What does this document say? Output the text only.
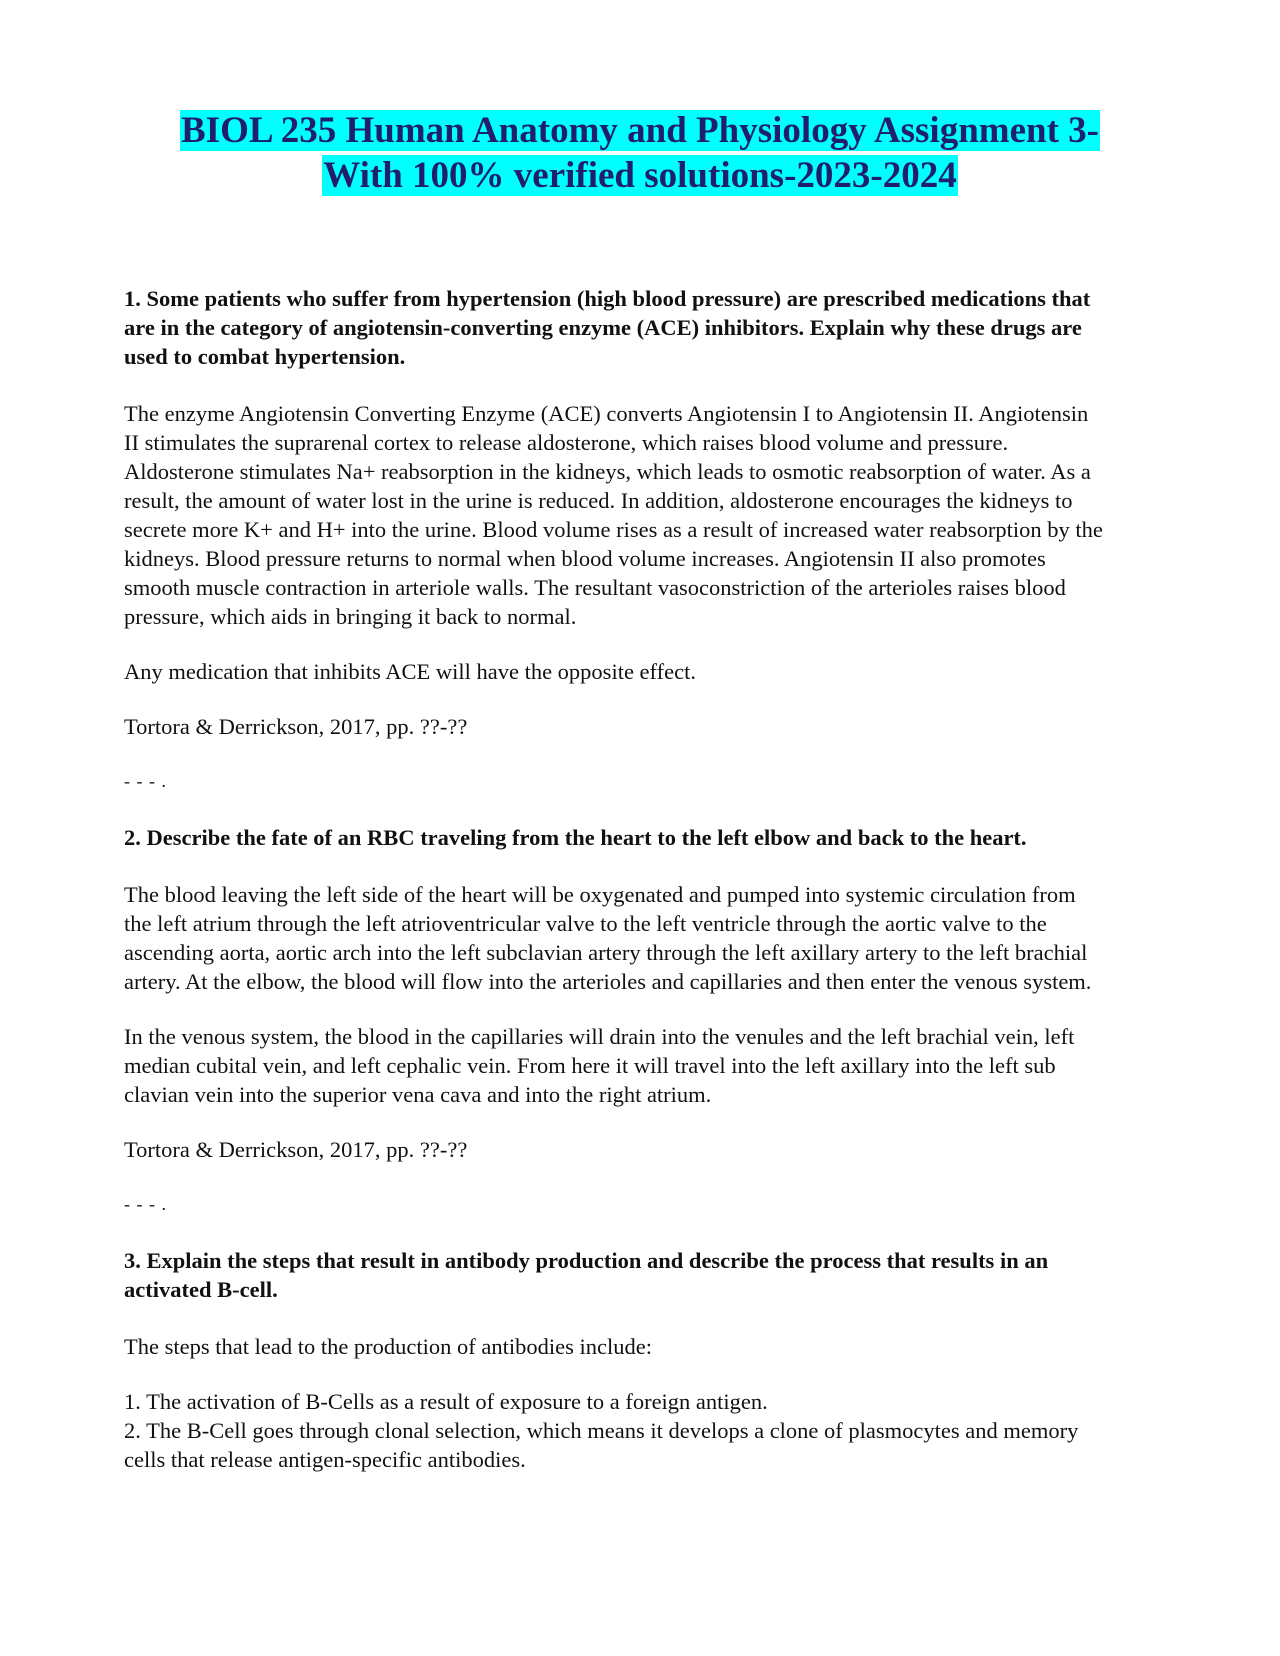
BIOL 235 Human Anatomy and Physiology Assignment 3-
With 100% verified solutions-2023-2024

1. Some patients who suffer from hypertension (high blood pressure) are prescribed medications that are in the category of angiotensin-converting enzyme (ACE) inhibitors. Explain why these drugs are used to combat hypertension.

The enzyme Angiotensin Converting Enzyme (ACE) converts Angiotensin I to Angiotensin II. Angiotensin II stimulates the suprarenal cortex to release aldosterone, which raises blood volume and pressure. Aldosterone stimulates Na+ reabsorption in the kidneys, which leads to osmotic reabsorption of water. As a result, the amount of water lost in the urine is reduced. In addition, aldosterone encourages the kidneys to secrete more K+ and H+ into the urine. Blood volume rises as a result of increased water reabsorption by the kidneys. Blood pressure returns to normal when blood volume increases. Angiotensin II also promotes smooth muscle contraction in arteriole walls. The resultant vasoconstriction of the arterioles raises blood pressure, which aids in bringing it back to normal.

Any medication that inhibits ACE will have the opposite effect.

Tortora & Derrickson, 2017, pp. ??-??

- - - .

2. Describe the fate of an RBC traveling from the heart to the left elbow and back to the heart.

The blood leaving the left side of the heart will be oxygenated and pumped into systemic circulation from the left atrium through the left atrioventricular valve to the left ventricle through the aortic valve to the ascending aorta, aortic arch into the left subclavian artery through the left axillary artery to the left brachial artery. At the elbow, the blood will flow into the arterioles and capillaries and then enter the venous system.

In the venous system, the blood in the capillaries will drain into the venules and the left brachial vein, left median cubital vein, and left cephalic vein. From here it will travel into the left axillary into the left sub clavian vein into the superior vena cava and into the right atrium.

Tortora & Derrickson, 2017, pp. ??-??

- - - .

3. Explain the steps that result in antibody production and describe the process that results in an activated B-cell.

The steps that lead to the production of antibodies include:

1. The activation of B-Cells as a result of exposure to a foreign antigen.

2. The B-Cell goes through clonal selection, which means it develops a clone of plasmocytes and memory cells that release antigen-specific antibodies.
